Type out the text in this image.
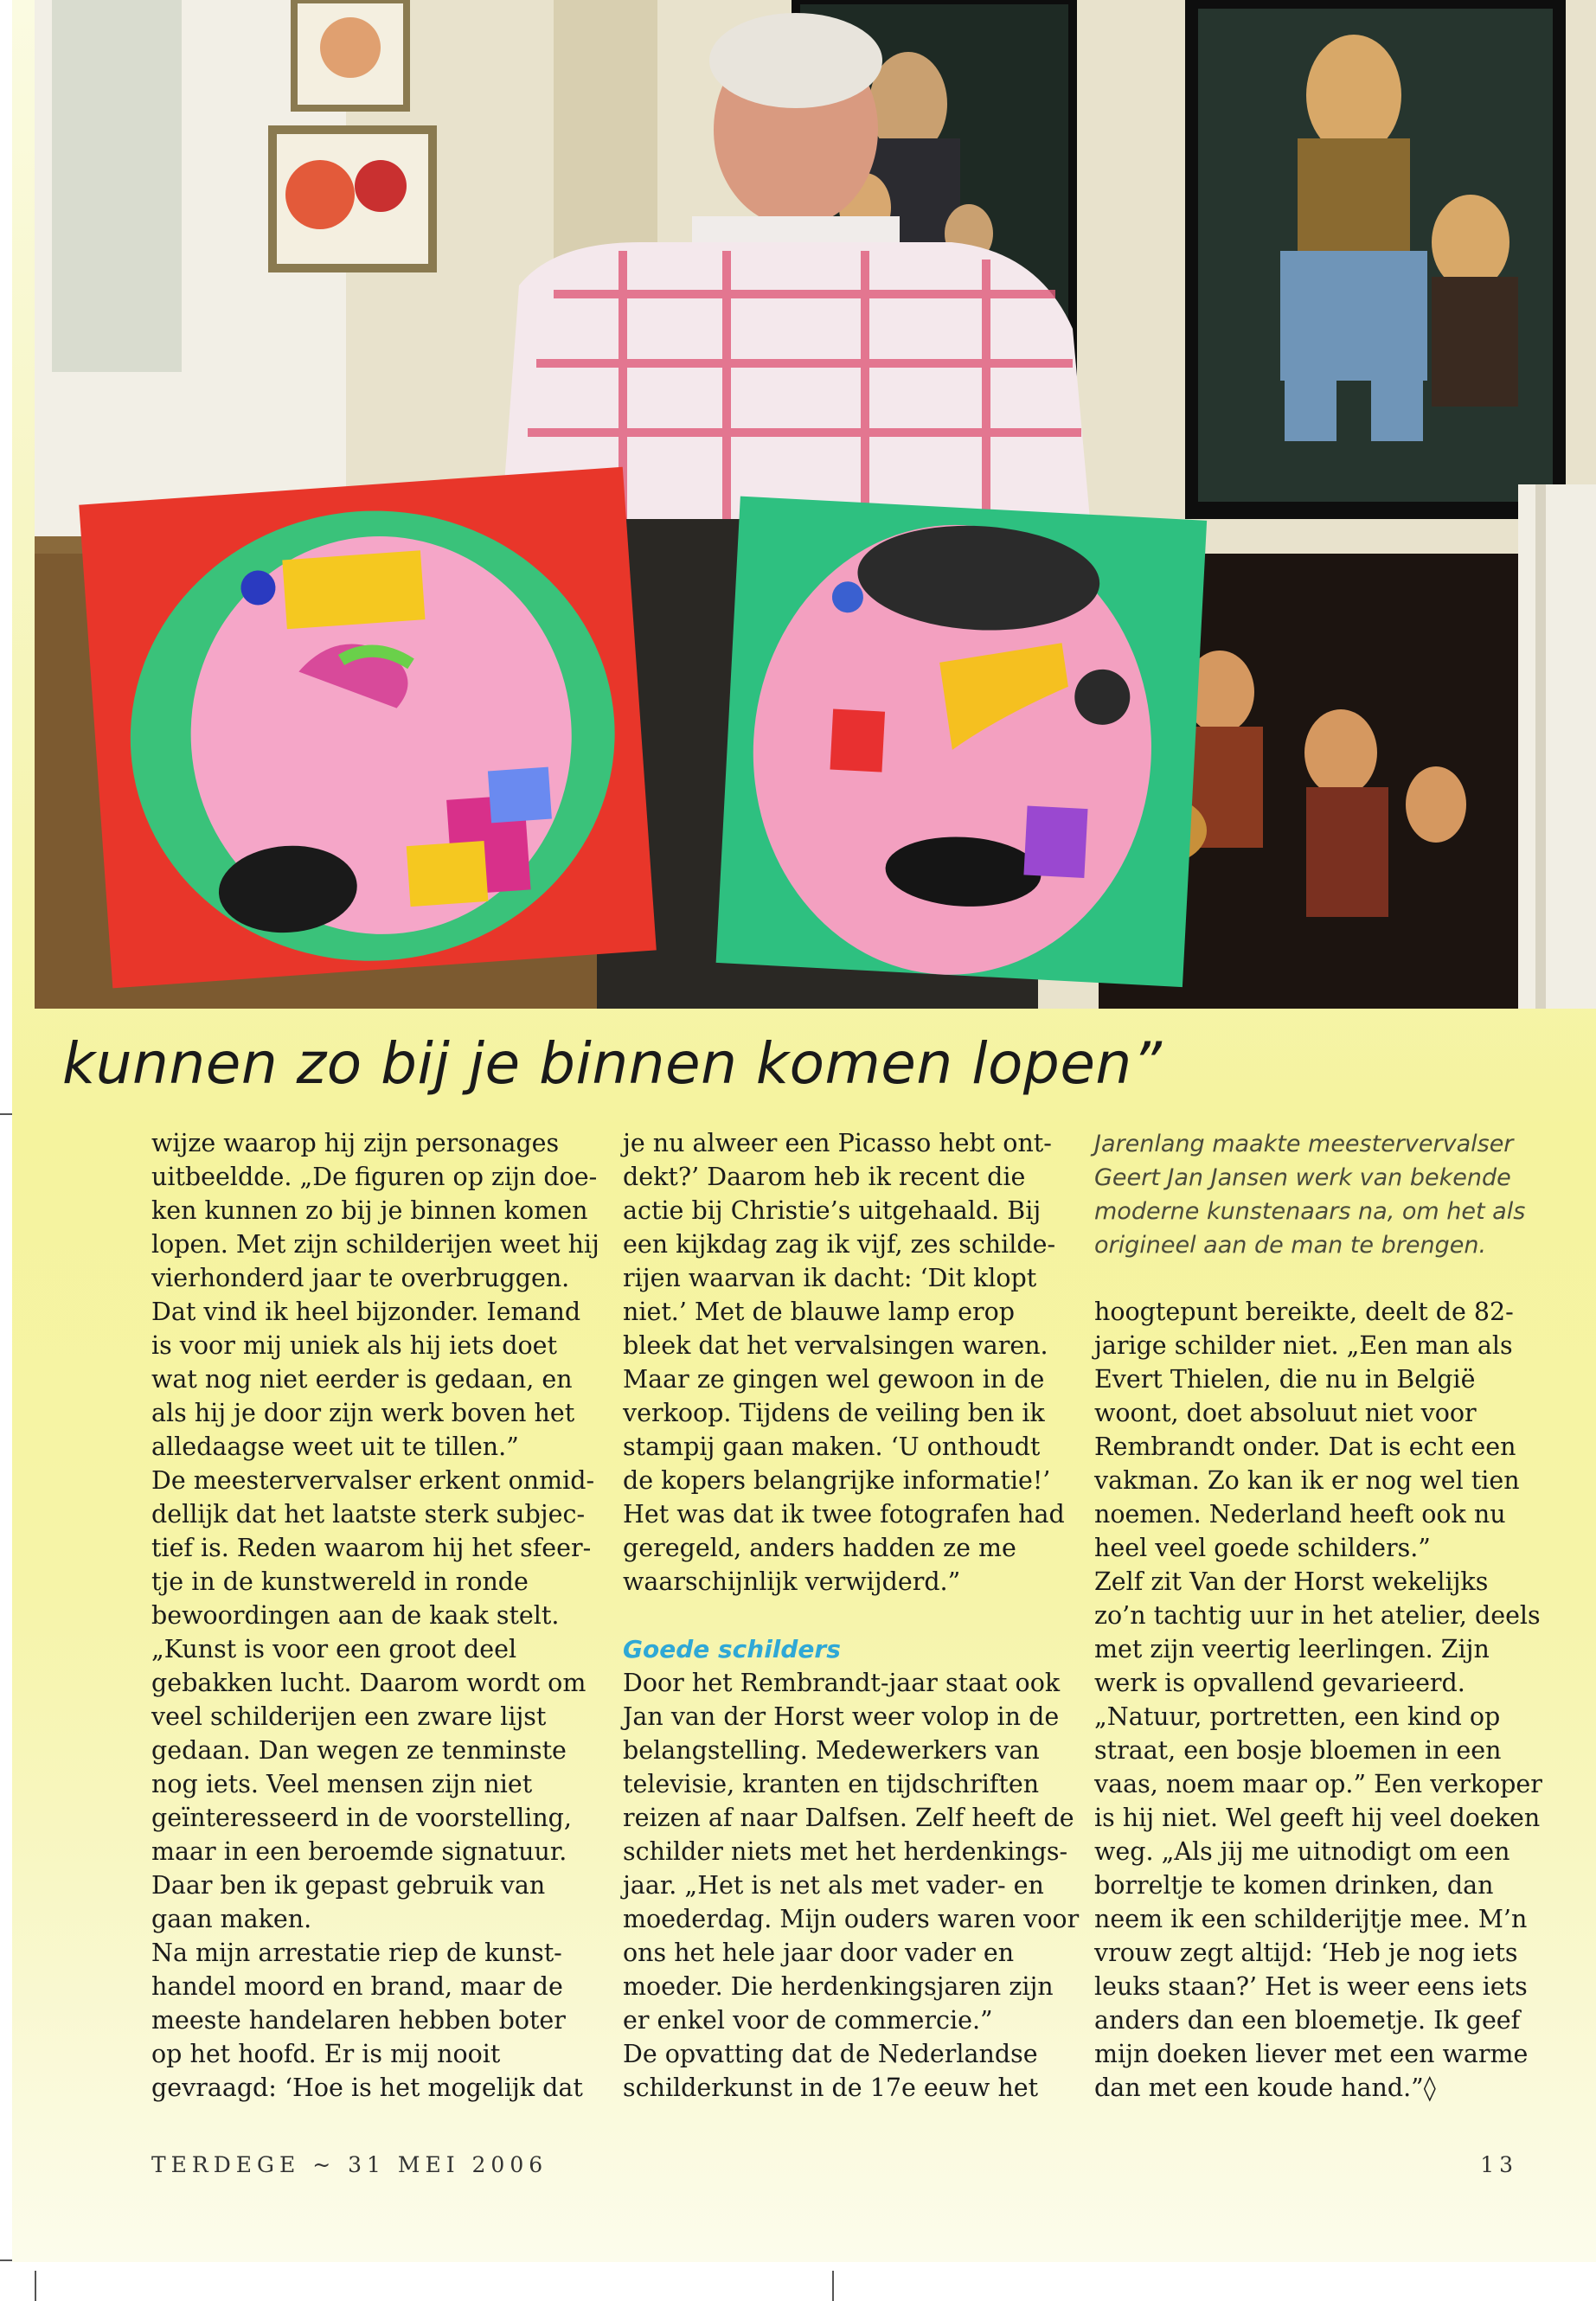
kunnen zo bij je binnen komen lopen”
wijze waarop hij zijn personages
uitbeeldde. „De figuren op zijn doe-
ken kunnen zo bij je binnen komen
lopen. Met zijn schilderijen weet hij
vierhonderd jaar te overbruggen.
Dat vind ik heel bijzonder. Iemand
is voor mij uniek als hij iets doet
wat nog niet eerder is gedaan, en
als hij je door zijn werk boven het
alledaagse weet uit te tillen.”
De meestervervalser erkent onmid-
dellijk dat het laatste sterk subjec-
tief is. Reden waarom hij het sfeer-
tje in de kunstwereld in ronde
bewoordingen aan de kaak stelt.
„Kunst is voor een groot deel
gebakken lucht. Daarom wordt om
veel schilderijen een zware lijst
gedaan. Dan wegen ze tenminste
nog iets. Veel mensen zijn niet
geïnteresseerd in de voorstelling,
maar in een beroemde signatuur.
Daar ben ik gepast gebruik van
gaan maken.
Na mijn arrestatie riep de kunst-
handel moord en brand, maar de
meeste handelaren hebben boter
op het hoofd. Er is mij nooit
gevraagd: ‘Hoe is het mogelijk dat
je nu alweer een Picasso hebt ont-
dekt?’ Daarom heb ik recent die
actie bij Christie’s uitgehaald. Bij
een kijkdag zag ik vijf, zes schilde-
rijen waarvan ik dacht: ‘Dit klopt
niet.’ Met de blauwe lamp erop
bleek dat het vervalsingen waren.
Maar ze gingen wel gewoon in de
verkoop. Tijdens de veiling ben ik
stampij gaan maken. ‘U onthoudt
de kopers belangrijke informatie!’
Het was dat ik twee fotografen had
geregeld, anders hadden ze me
waarschijnlijk verwijderd.”
Goede schilders
Door het Rembrandt-jaar staat ook
Jan van der Horst weer volop in de
belangstelling. Medewerkers van
televisie, kranten en tijdschriften
reizen af naar Dalfsen. Zelf heeft de
schilder niets met het herdenkings-
jaar. „Het is net als met vader- en
moederdag. Mijn ouders waren voor
ons het hele jaar door vader en
moeder. Die herdenkingsjaren zijn
er enkel voor de commercie.”
De opvatting dat de Nederlandse
schilderkunst in de 17e eeuw het
Jarenlang maakte meestervervalser
Geert Jan Jansen werk van bekende
moderne kunstenaars na, om het als
origineel aan de man te brengen.
hoogtepunt bereikte, deelt de 82-
jarige schilder niet. „Een man als
Evert Thielen, die nu in België
woont, doet absoluut niet voor
Rembrandt onder. Dat is echt een
vakman. Zo kan ik er nog wel tien
noemen. Nederland heeft ook nu
heel veel goede schilders.”
Zelf zit Van der Horst wekelijks
zo’n tachtig uur in het atelier, deels
met zijn veertig leerlingen. Zijn
werk is opvallend gevarieerd.
„Natuur, portretten, een kind op
straat, een bosje bloemen in een
vaas, noem maar op.” Een verkoper
is hij niet. Wel geeft hij veel doeken
weg. „Als jij me uitnodigt om een
borreltje te komen drinken, dan
neem ik een schilderijtje mee. M’n
vrouw zegt altijd: ‘Heb je nog iets
leuks staan?’ Het is weer eens iets
anders dan een bloemetje. Ik geef
mijn doeken liever met een warme
dan met een koude hand.”◊
TERDEGE ~ 31 MEI 2006	13
